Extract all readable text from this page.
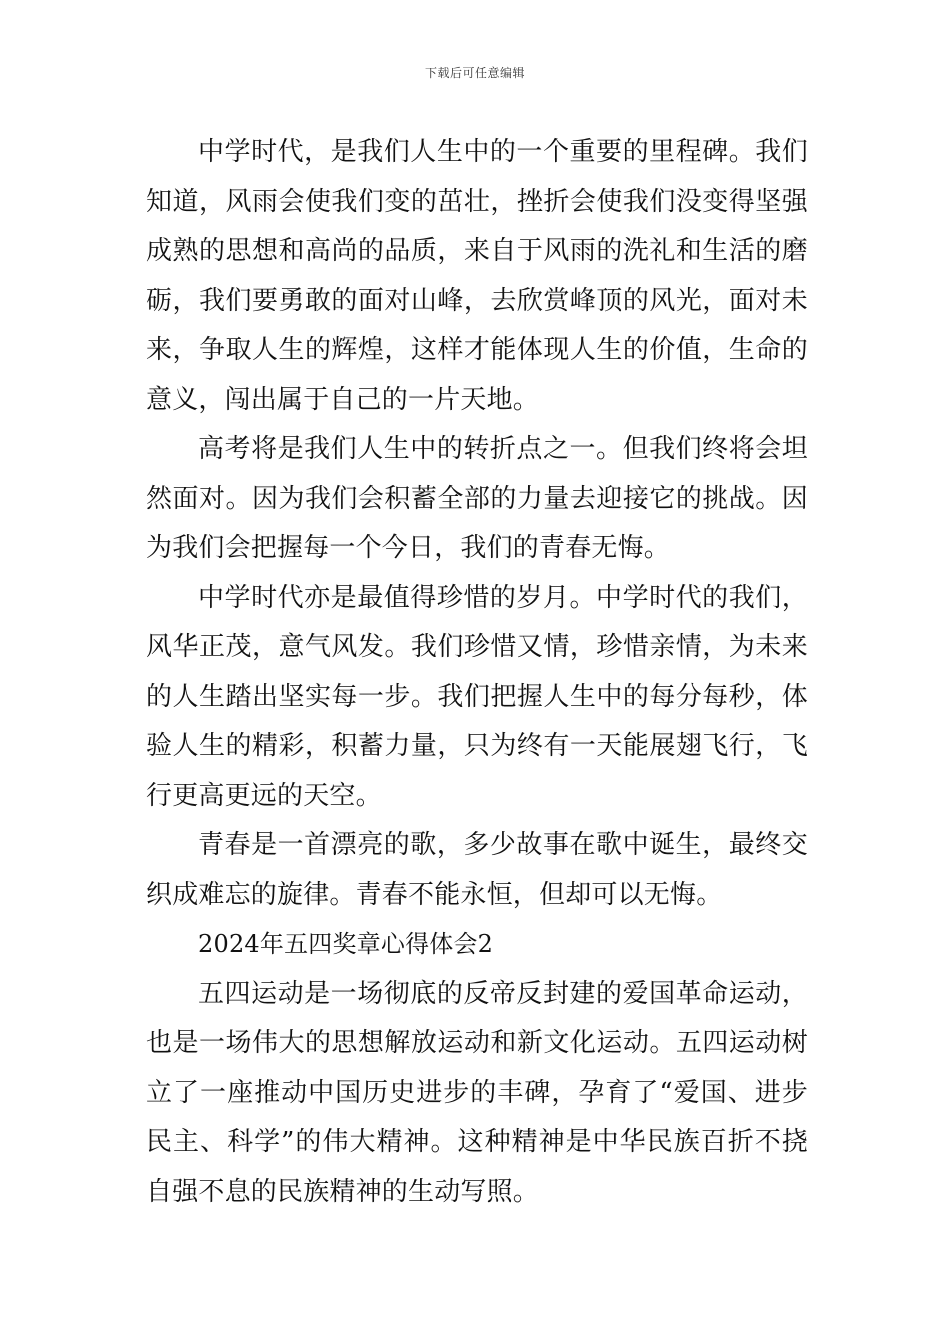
下载后可任意编辑

中学时代，是我们人生中的一个重要的里程碑。我们知道，风雨会使我们变的茁壮，挫折会使我们没变得坚强成熟的思想和高尚的品质，来自于风雨的洗礼和生活的磨砺，我们要勇敢的面对山峰，去欣赏峰顶的风光，面对未来，争取人生的辉煌，这样才能体现人生的价值，生命的意义，闯出属于自己的一片天地。

高考将是我们人生中的转折点之一。但我们终将会坦然面对。因为我们会积蓄全部的力量去迎接它的挑战。因为我们会把握每一个今日，我们的青春无悔。

中学时代亦是最值得珍惜的岁月。中学时代的我们，风华正茂，意气风发。我们珍惜又情，珍惜亲情，为未来的人生踏出坚实每一步。我们把握人生中的每分每秒，体验人生的精彩，积蓄力量，只为终有一天能展翅飞行，飞行更高更远的天空。

青春是一首漂亮的歌，多少故事在歌中诞生，最终交织成难忘的旋律。青春不能永恒，但却可以无悔。

2024年五四奖章心得体会2

五四运动是一场彻底的反帝反封建的爱国革命运动，也是一场伟大的思想解放运动和新文化运动。五四运动树立了一座推动中国历史进步的丰碑，孕育了“爱国、进步民主、科学”的伟大精神。这种精神是中华民族百折不挠自强不息的民族精神的生动写照。
